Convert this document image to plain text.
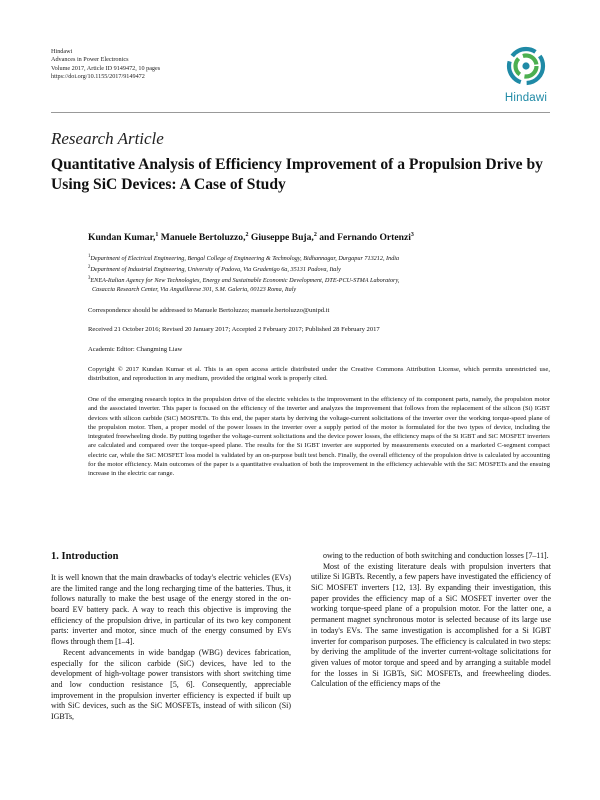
Hindawi
Advances in Power Electronics
Volume 2017, Article ID 9149472, 10 pages
https://doi.org/10.1155/2017/9149472
Hindawi
Research Article
Quantitative Analysis of Efficiency Improvement of a Propulsion Drive by Using SiC Devices: A Case of Study
Kundan Kumar,$^1$ Manuele Bertoluzzo,$^2$ Giuseppe Buja,$^2$ and Fernando Ortenzi$^3$
$^1$Department of Electrical Engineering, Bengal College of Engineering & Technology, Bidhannagar, Durgapur 713212, India
$^2$Department of Industrial Engineering, University of Padova, Via Gradenigo 6a, 35131 Padova, Italy
$^3$ENEA-Italian Agency for New Technologies, Energy and Sustainable Economic Development, DTE-PCU-STMA Laboratory,
Casaccia Research Center, Via Anguillarese 301, S.M. Galeria, 00123 Roma, Italy
Correspondence should be addressed to Manuele Bertoluzzo; manuele.bertoluzzo@unipd.it
Received 21 October 2016; Revised 20 January 2017; Accepted 2 February 2017; Published 28 February 2017
Academic Editor: Changming Liaw
Copyright © 2017 Kundan Kumar et al. This is an open access article distributed under the Creative Commons Attribution License, which permits unrestricted use, distribution, and reproduction in any medium, provided the original work is properly cited.
One of the emerging research topics in the propulsion drive of the electric vehicles is the improvement in the efficiency of its component parts, namely, the propulsion motor and the associated inverter. This paper is focused on the efficiency of the inverter and analyzes the improvement that follows from the replacement of the silicon (Si) IGBT devices with silicon carbide (SiC) MOSFETs. To this end, the paper starts by deriving the voltage-current solicitations of the inverter over the working torque-speed plane of the propulsion motor. Then, a proper model of the power losses in the inverter over a supply period of the motor is formulated for the two types of device, including the integrated freewheeling diode. By putting together the voltage-current solicitations and the device power losses, the efficiency maps of the Si IGBT and SiC MOSFET inverters are calculated and compared over the torque-speed plane. The results for the Si IGBT inverter are supported by measurements executed on a marketed C-segment compact electric car, while the SiC MOSFET loss model is validated by an on-purpose built test bench. Finally, the overall efficiency of the propulsion drive is calculated by accounting for the motor efficiency. Main outcomes of the paper is a quantitative evaluation of both the improvement in the efficiency achievable with the SiC MOSFETs and the ensuing increase in the electric car range.
1. Introduction

It is well known that the main drawbacks of today's electric vehicles (EVs) are the limited range and the long recharging time of the batteries. Thus, it follows naturally to make the best usage of the energy stored in the on-board EV battery pack. A way to reach this objective is improving the efficiency of the propulsion drive, in particular of its two key component parts: inverter and motor, since much of the energy consumed by EVs flows through them [1–4].

Recent advancements in wide bandgap (WBG) devices fabrication, especially for the silicon carbide (SiC) devices, have led to the development of high-voltage power transistors with short switching time and low conduction resistance [5, 6]. Consequently, appreciable improvement in the propulsion inverter efficiency is expected if built up with SiC devices, such as the SiC MOSFETs, instead of with silicon (Si) IGBTs,

owing to the reduction of both switching and conduction losses [7–11].

Most of the existing literature deals with propulsion inverters that utilize Si IGBTs. Recently, a few papers have investigated the efficiency of SiC MOSFET inverters [12, 13]. By expanding their investigation, this paper provides the efficiency map of a SiC MOSFET inverter over the working torque-speed plane of a propulsion motor. For the latter one, a permanent magnet synchronous motor is selected because of its large use in today's EVs. The same investigation is accomplished for a Si IGBT inverter for comparison purposes. The efficiency is calculated in two steps: by deriving the amplitude of the inverter current-voltage solicitations for given values of motor torque and speed and by arranging a suitable model for the losses in Si IGBTs, SiC MOSFETs, and freewheeling diodes. Calculation of the efficiency maps of the
